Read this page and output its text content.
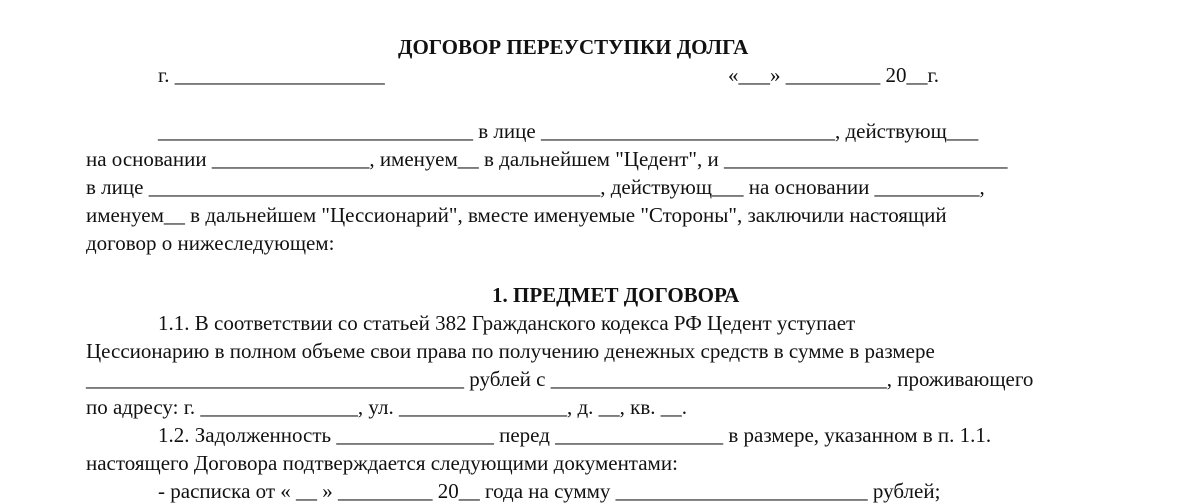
ДОГОВОР ПЕРЕУСТУПКИ ДОЛГА
г. ____________________	«___» _________ 20__г.
______________________________ в лице ____________________________, действующ___
на основании _______________, именуем__ в дальнейшем "Цедент", и ___________________________
в лице ___________________________________________, действующ___ на основании __________,
именуем__ в дальнейшем "Цессионарий", вместе именуемые "Стороны", заключили настоящий
договор о нижеследующем:
1. ПРЕДМЕТ ДОГОВОРА
1.1. В соответствии со статьей 382 Гражданского кодекса РФ Цедент уступает
Цессионарию в полном объеме свои права по получению денежных средств в сумме в размере
____________________________________ рублей с ________________________________, проживающего
по адресу: г. _______________, ул. ________________, д. __, кв. __.
1.2. Задолженность _______________ перед ________________ в размере, указанном в п. 1.1.
настоящего Договора подтверждается следующими документами:
- расписка от « __ » _________ 20__ года на сумму ________________________ рублей;
